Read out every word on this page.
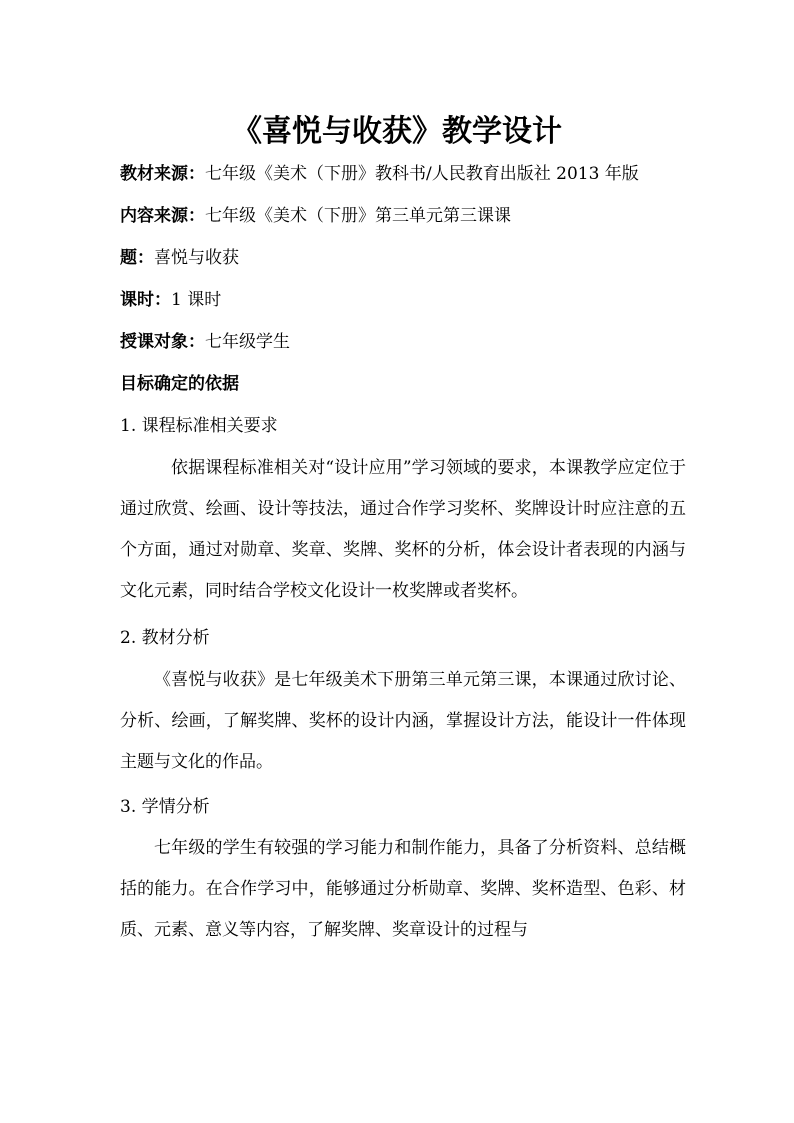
《喜悦与收获》教学设计
教材来源：七年级《美术（下册》教科书/人民教育出版社 2013 年版
内容来源：七年级《美术（下册》第三单元第三课课
题：喜悦与收获
课时：1 课时
授课对象：七年级学生
目标确定的依据
1. 课程标准相关要求
依据课程标准相关对“设计应用”学习领域的要求，本课教学应定位于通过欣赏、绘画、设计等技法，通过合作学习奖杯、奖牌设计时应注意的五个方面，通过对勋章、奖章、奖牌、奖杯的分析，体会设计者表现的内涵与文化元素，同时结合学校文化设计一枚奖牌或者奖杯。
2. 教材分析
《喜悦与收获》是七年级美术下册第三单元第三课，本课通过欣讨论、分析、绘画，了解奖牌、奖杯的设计内涵，掌握设计方法，能设计一件体现主题与文化的作品。
3. 学情分析
七年级的学生有较强的学习能力和制作能力，具备了分析资料、总结概括的能力。在合作学习中，能够通过分析勋章、奖牌、奖杯造型、色彩、材质、元素、意义等内容，了解奖牌、奖章设计的过程与
